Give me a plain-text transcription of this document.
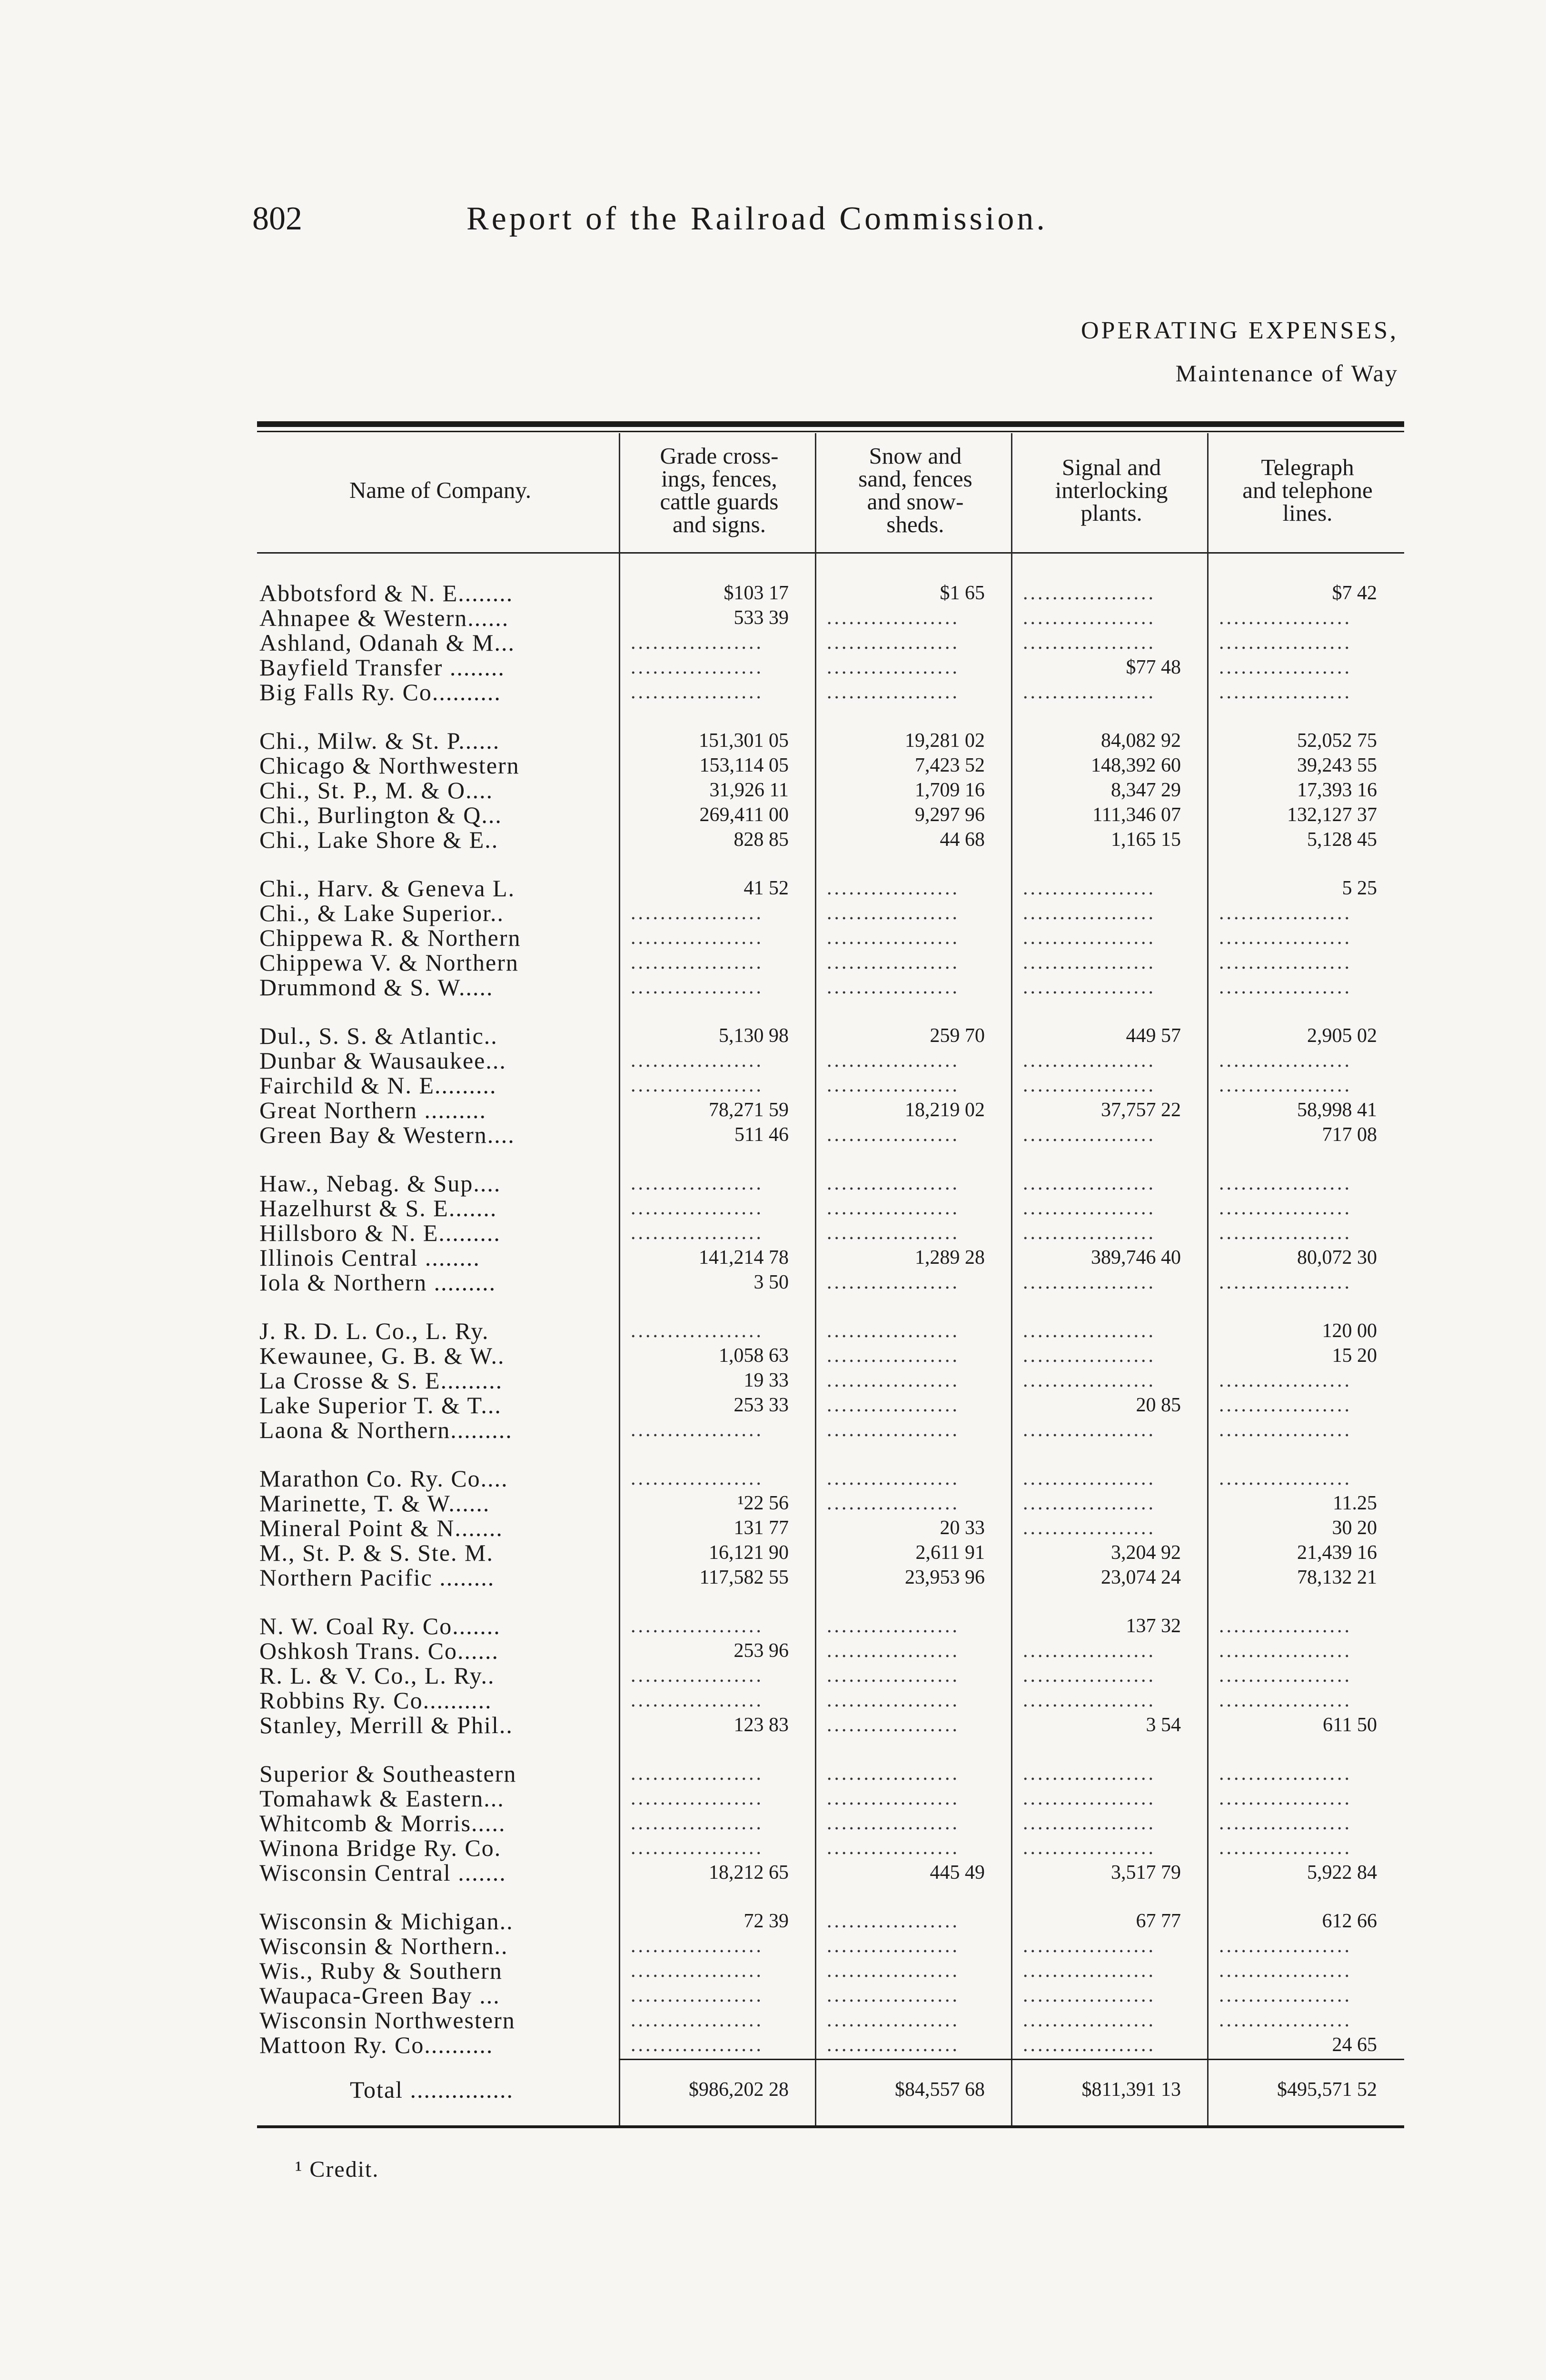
802	Report of the Railroad Commission.
OPERATING EXPENSES,
Maintenance of Way
Name of Company.
Grade cross-
ings, fences,
cattle guards
and signs.
Snow and
sand, fences
and snow-
sheds.
Signal and
interlocking
plants.
Telegraph
and telephone
lines.
Abbotsford & N. E........	$103 17	$1 65	..................	$7 42
Ahnapee & Western......	533 39	..................	..................	..................
Ashland, Odanah & M...	..................	..................	..................	..................
Bayfield Transfer ........	..................	..................	$77 48	..................
Big Falls Ry. Co..........	..................	..................	..................	..................
Chi., Milw. & St. P......	151,301 05	19,281 02	84,082 92	52,052 75
Chicago & Northwestern	153,114 05	7,423 52	148,392 60	39,243 55
Chi., St. P., M. & O....	31,926 11	1,709 16	8,347 29	17,393 16
Chi., Burlington & Q...	269,411 00	9,297 96	111,346 07	132,127 37
Chi., Lake Shore & E..	828 85	44 68	1,165 15	5,128 45
Chi., Harv. & Geneva L.	41 52	..................	..................	5 25
Chi., & Lake Superior..	..................	..................	..................	..................
Chippewa R. & Northern	..................	..................	..................	..................
Chippewa V. & Northern	..................	..................	..................	..................
Drummond & S. W.....	..................	..................	..................	..................
Dul., S. S. & Atlantic..	5,130 98	259 70	449 57	2,905 02
Dunbar & Wausaukee...	..................	..................	..................	..................
Fairchild & N. E.........	..................	..................	..................	..................
Great Northern .........	78,271 59	18,219 02	37,757 22	58,998 41
Green Bay & Western....	511 46	..................	..................	717 08
Haw., Nebag. & Sup....	..................	..................	..................	..................
Hazelhurst & S. E.......	..................	..................	..................	..................
Hillsboro & N. E.........	..................	..................	..................	..................
Illinois Central ........	141,214 78	1,289 28	389,746 40	80,072 30
Iola & Northern .........	3 50	..................	..................	..................
J. R. D. L. Co., L. Ry.	..................	..................	..................	120 00
Kewaunee, G. B. & W..	1,058 63	..................	..................	15 20
La Crosse & S. E.........	19 33	..................	..................	..................
Lake Superior T. & T...	253 33	..................	20 85	..................
Laona & Northern.........	..................	..................	..................	..................
Marathon Co. Ry. Co....	..................	..................	..................	..................
Marinette, T. & W......	¹22 56	..................	..................	11.25
Mineral Point & N.......	131 77	20 33	..................	30 20
M., St. P. & S. Ste. M.	16,121 90	2,611 91	3,204 92	21,439 16
Northern Pacific ........	117,582 55	23,953 96	23,074 24	78,132 21
N. W. Coal Ry. Co.......	..................	..................	137 32	..................
Oshkosh Trans. Co......	253 96	..................	..................	..................
R. L. & V. Co., L. Ry..	..................	..................	..................	..................
Robbins Ry. Co..........	..................	..................	..................	..................
Stanley, Merrill & Phil..	123 83	..................	3 54	611 50
Superior & Southeastern	..................	..................	..................	..................
Tomahawk & Eastern...	..................	..................	..................	..................
Whitcomb & Morris.....	..................	..................	..................	..................
Winona Bridge Ry. Co.	..................	..................	..................	..................
Wisconsin Central .......	18,212 65	445 49	3,517 79	5,922 84
Wisconsin & Michigan..	72 39	..................	67 77	612 66
Wisconsin & Northern..	..................	..................	..................	..................
Wis., Ruby & Southern	..................	..................	..................	..................
Waupaca-Green Bay ...	..................	..................	..................	..................
Wisconsin Northwestern	..................	..................	..................	..................
Mattoon Ry. Co..........	..................	..................	..................	24 65
Total ...............	$986,202 28	$84,557 68	$811,391 13	$495,571 52
¹ Credit.
